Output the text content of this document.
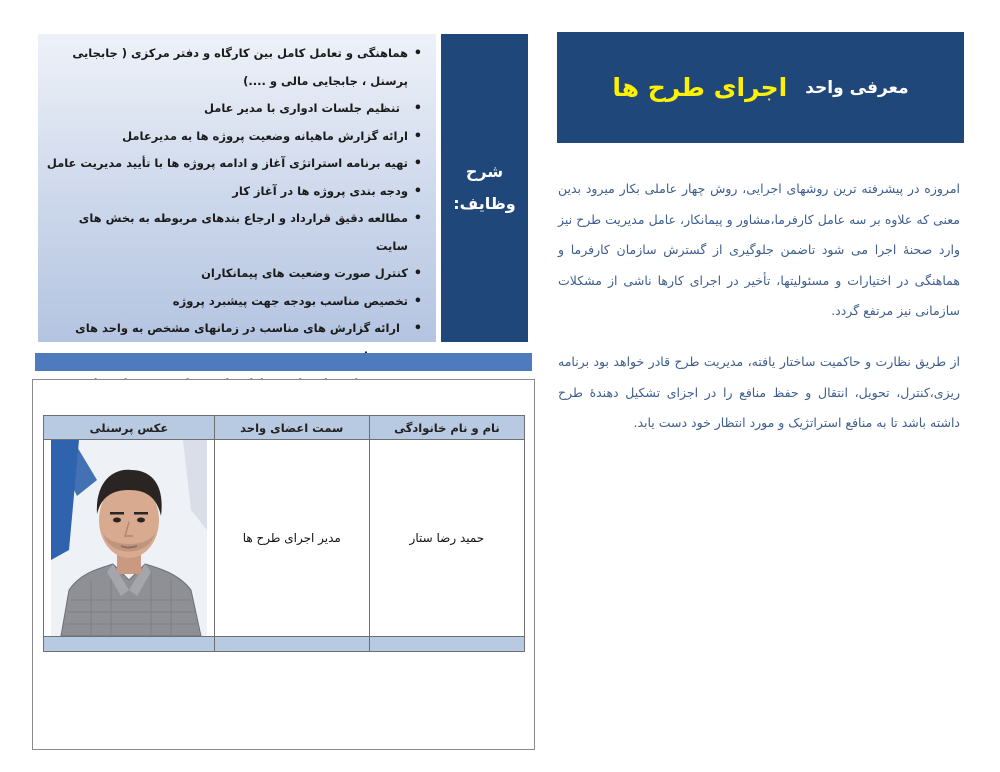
• هماهنگی و تعامل کامل بین کارگاه و دفتر مرکزی ( جابجایی پرسنل ، جابجایی مالی و ....)
• تنظیم جلسات ادواری با مدیر عامل
• ارائه گزارش ماهیانه وضعیت پروژه ها به مدیرعامل
• تهیه برنامه استراتژی آغاز و ادامه پروژه ها با تأیید مدیریت عامل
• ودجه بندی پروژه ها در آغاز کار
• مطالعه دقیق قرارداد و ارجاع بندهای مربوطه به بخش های سایت
• کنترل صورت وضعیت های پیمانکاران
• تخصیص مناسب بودجه جهت پیشبرد پروژه
• ارائه گزارش های مناسب در زمانهای مشخص به واحد های
•
شرح
وظایف:
معرفی واحد
اجرای طرح ها
امروزه در پیشرفته ترین روشهای اجرایی، روش چهار عاملی بکار میرود بدین معنی که علاوه بر سه عامل کارفرما،مشاور و پیمانکار، عامل مدیریت طرح نیز وارد صحنهٔ اجرا می شود تاضمن جلوگیری از گسترش سازمان کارفرما و هماهنگی در اختیارات و مسئولیتها، تأخیر در اجرای کارها ناشی از مشکلات سازمانی نیز مرتفع گردد.
از طریق نظارت و حاکمیت ساختار یافته، مدیریت طرح قادر خواهد بود برنامه ریزی،کنترل، تحویل، انتقال و حفظ منافع را در اجزای تشکیل دهندهٔ طرح داشته باشد تا به منافع استراتژیک و مورد انتظار خود دست یابد.
نام و نام خانوادگی	سمت اعضای واحد	عکس پرسنلی
حمید رضا ستار	مدیر اجرای طرح ها	
